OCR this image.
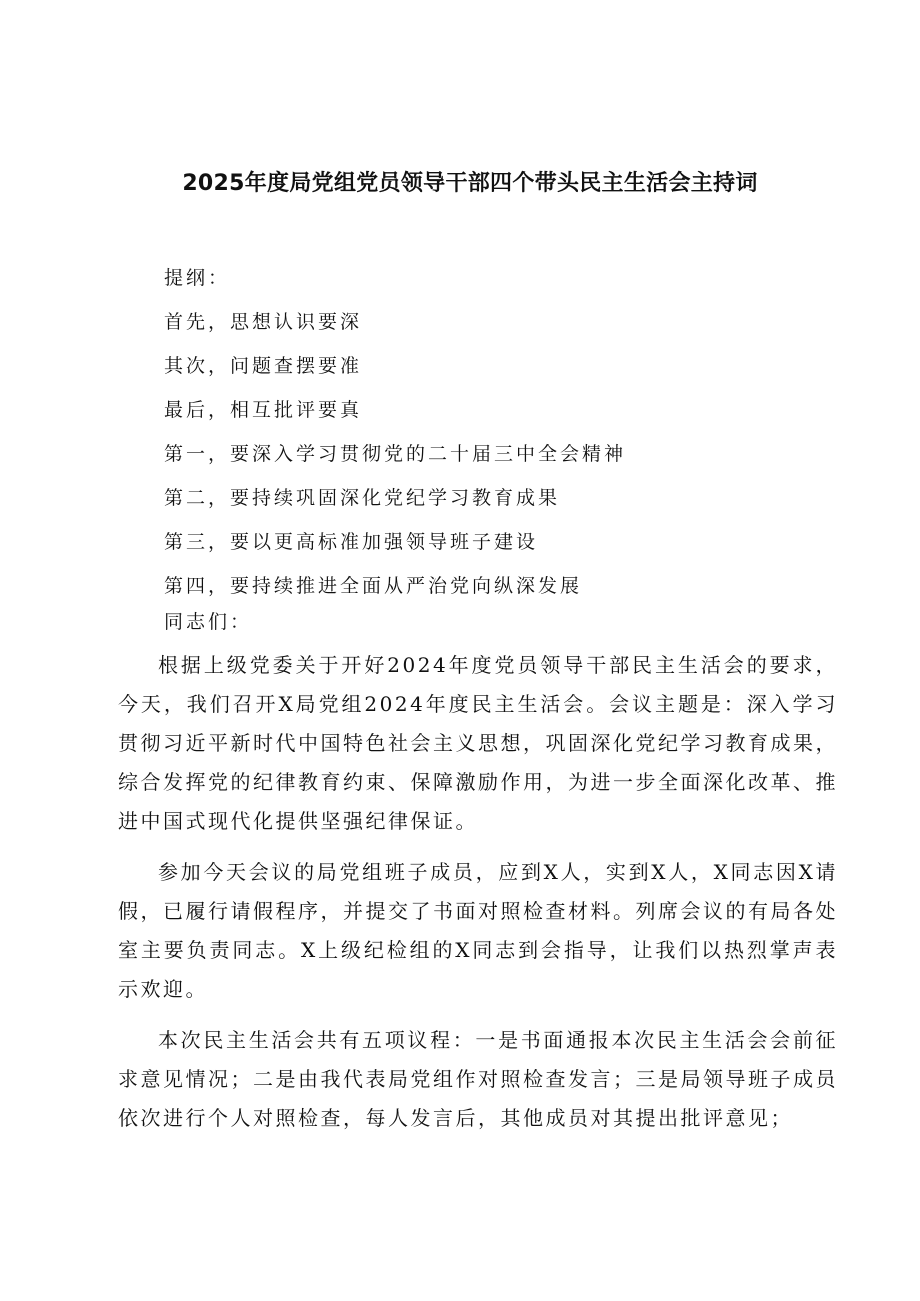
2025年度局党组党员领导干部四个带头民主生活会主持词
提纲：
首先，思想认识要深
其次，问题查摆要准
最后，相互批评要真
第一，要深入学习贯彻党的二十届三中全会精神
第二，要持续巩固深化党纪学习教育成果
第三，要以更高标准加强领导班子建设
第四，要持续推进全面从严治党向纵深发展
同志们：

根据上级党委关于开好2024年度党员领导干部民主生活会的要求，今天，我们召开X局党组2024年度民主生活会。会议主题是：深入学习贯彻习近平新时代中国特色社会主义思想，巩固深化党纪学习教育成果，综合发挥党的纪律教育约束、保障激励作用，为进一步全面深化改革、推进中国式现代化提供坚强纪律保证。

参加今天会议的局党组班子成员，应到X人，实到X人，X同志因X请假，已履行请假程序，并提交了书面对照检查材料。列席会议的有局各处室主要负责同志。X上级纪检组的X同志到会指导，让我们以热烈掌声表示欢迎。

本次民主生活会共有五项议程：一是书面通报本次民主生活会会前征求意见情况；二是由我代表局党组作对照检查发言；三是局领导班子成员依次进行个人对照检查，每人发言后，其他成员对其提出批评意见；
